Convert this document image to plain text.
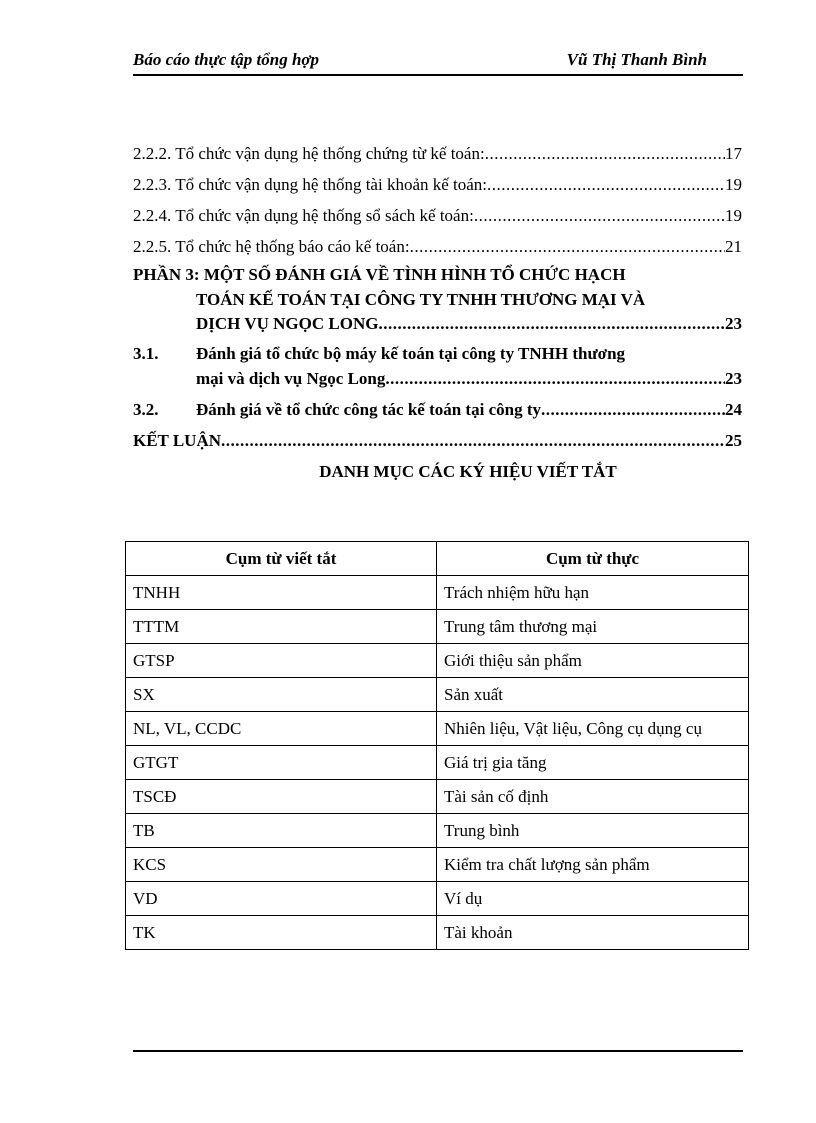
Báo cáo thực tập tổng hợp	Vũ Thị Thanh Bình
2.2.2. Tổ chức vận dụng hệ thống chứng từ kế toán: .....	17
2.2.3. Tổ chức vận dụng hệ thống tài khoản kế toán: .....	19
2.2.4. Tổ chức vận dụng hệ thống sổ sách kế toán: .....	19
2.2.5. Tổ chức hệ thống báo cáo kế toán: .....	21
PHẦN 3: MỘT SỐ ĐÁNH GIÁ VỀ TÌNH HÌNH TỔ CHỨC HẠCH
TOÁN KẾ TOÁN TẠI CÔNG TY TNHH THƯƠNG MẠI VÀ
DỊCH VỤ NGỌC LONG .....	23
3.1. Đánh giá tổ chức bộ máy kế toán tại công ty TNHH thương
mại và dịch vụ Ngọc Long .....	23
3.2. Đánh giá về tổ chức công tác kế toán tại công ty .....	24
KẾT LUẬN .....	25
DANH MỤC CÁC KÝ HIỆU VIẾT TẮT
Cụm từ viết tắt	Cụm từ thực
TNHH	Trách nhiệm hữu hạn
TTTM	Trung tâm thương mại
GTSP	Giới thiệu sản phẩm
SX	Sản xuất
NL, VL, CCDC	Nhiên liệu, Vật liệu, Công cụ dụng cụ
GTGT	Giá trị gia tăng
TSCĐ	Tài sản cố định
TB	Trung bình
KCS	Kiểm tra chất lượng sản phẩm
VD	Ví dụ
TK	Tài khoản
